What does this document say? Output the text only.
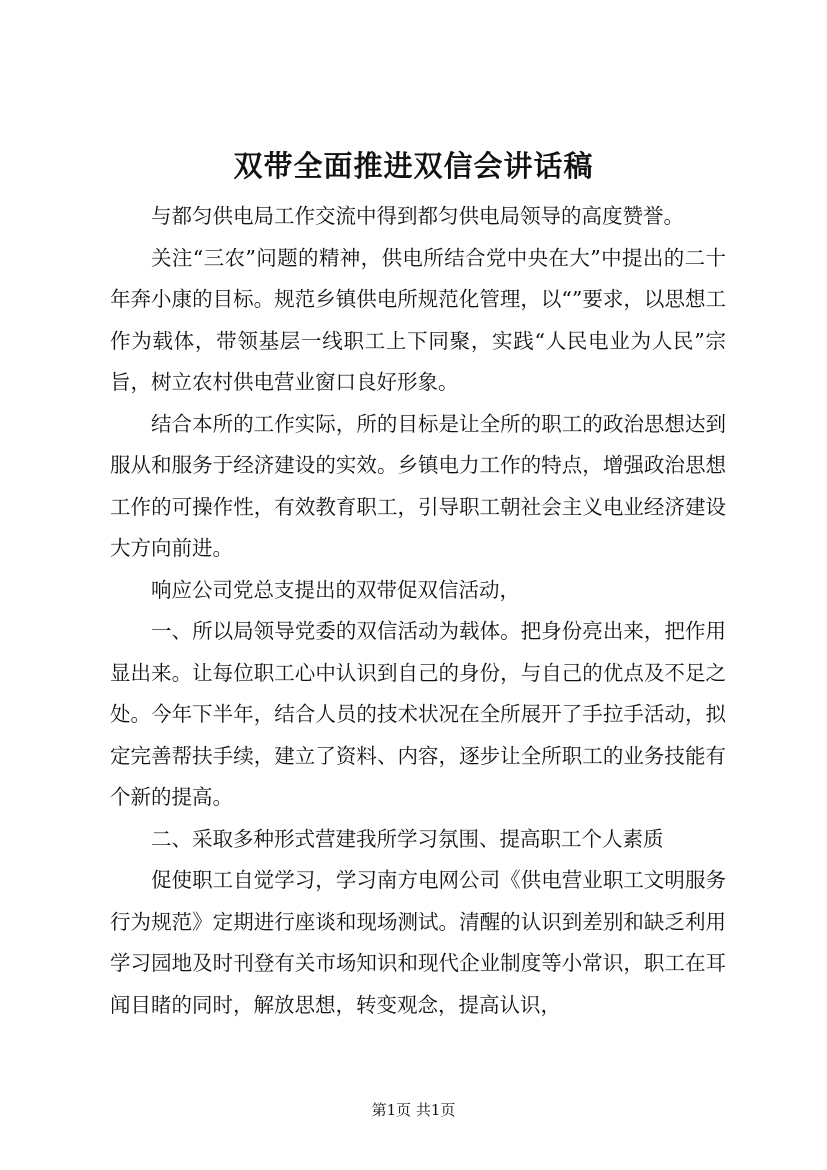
双带全面推进双信会讲话稿

与都匀供电局工作交流中得到都匀供电局领导的高度赞誉。

关注“三农”问题的精神，供电所结合党中央在大”中提出的二十年奔小康的目标。规范乡镇供电所规范化管理，以“”要求，以思想工作为载体，带领基层一线职工上下同聚，实践“人民电业为人民”宗旨，树立农村供电营业窗口良好形象。

结合本所的工作实际，所的目标是让全所的职工的政治思想达到服从和服务于经济建设的实效。乡镇电力工作的特点，增强政治思想工作的可操作性，有效教育职工，引导职工朝社会主义电业经济建设大方向前进。

响应公司党总支提出的双带促双信活动，

一、所以局领导党委的双信活动为载体。把身份亮出来，把作用显出来。让每位职工心中认识到自己的身份，与自己的优点及不足之处。今年下半年，结合人员的技术状况在全所展开了手拉手活动，拟定完善帮扶手续，建立了资料、内容，逐步让全所职工的业务技能有个新的提高。

二、采取多种形式营建我所学习氛围、提高职工个人素质

促使职工自觉学习，学习南方电网公司《供电营业职工文明服务行为规范》定期进行座谈和现场测试。清醒的认识到差别和缺乏利用学习园地及时刊登有关市场知识和现代企业制度等小常识，职工在耳闻目睹的同时，解放思想，转变观念，提高认识，

第1页 共1页
